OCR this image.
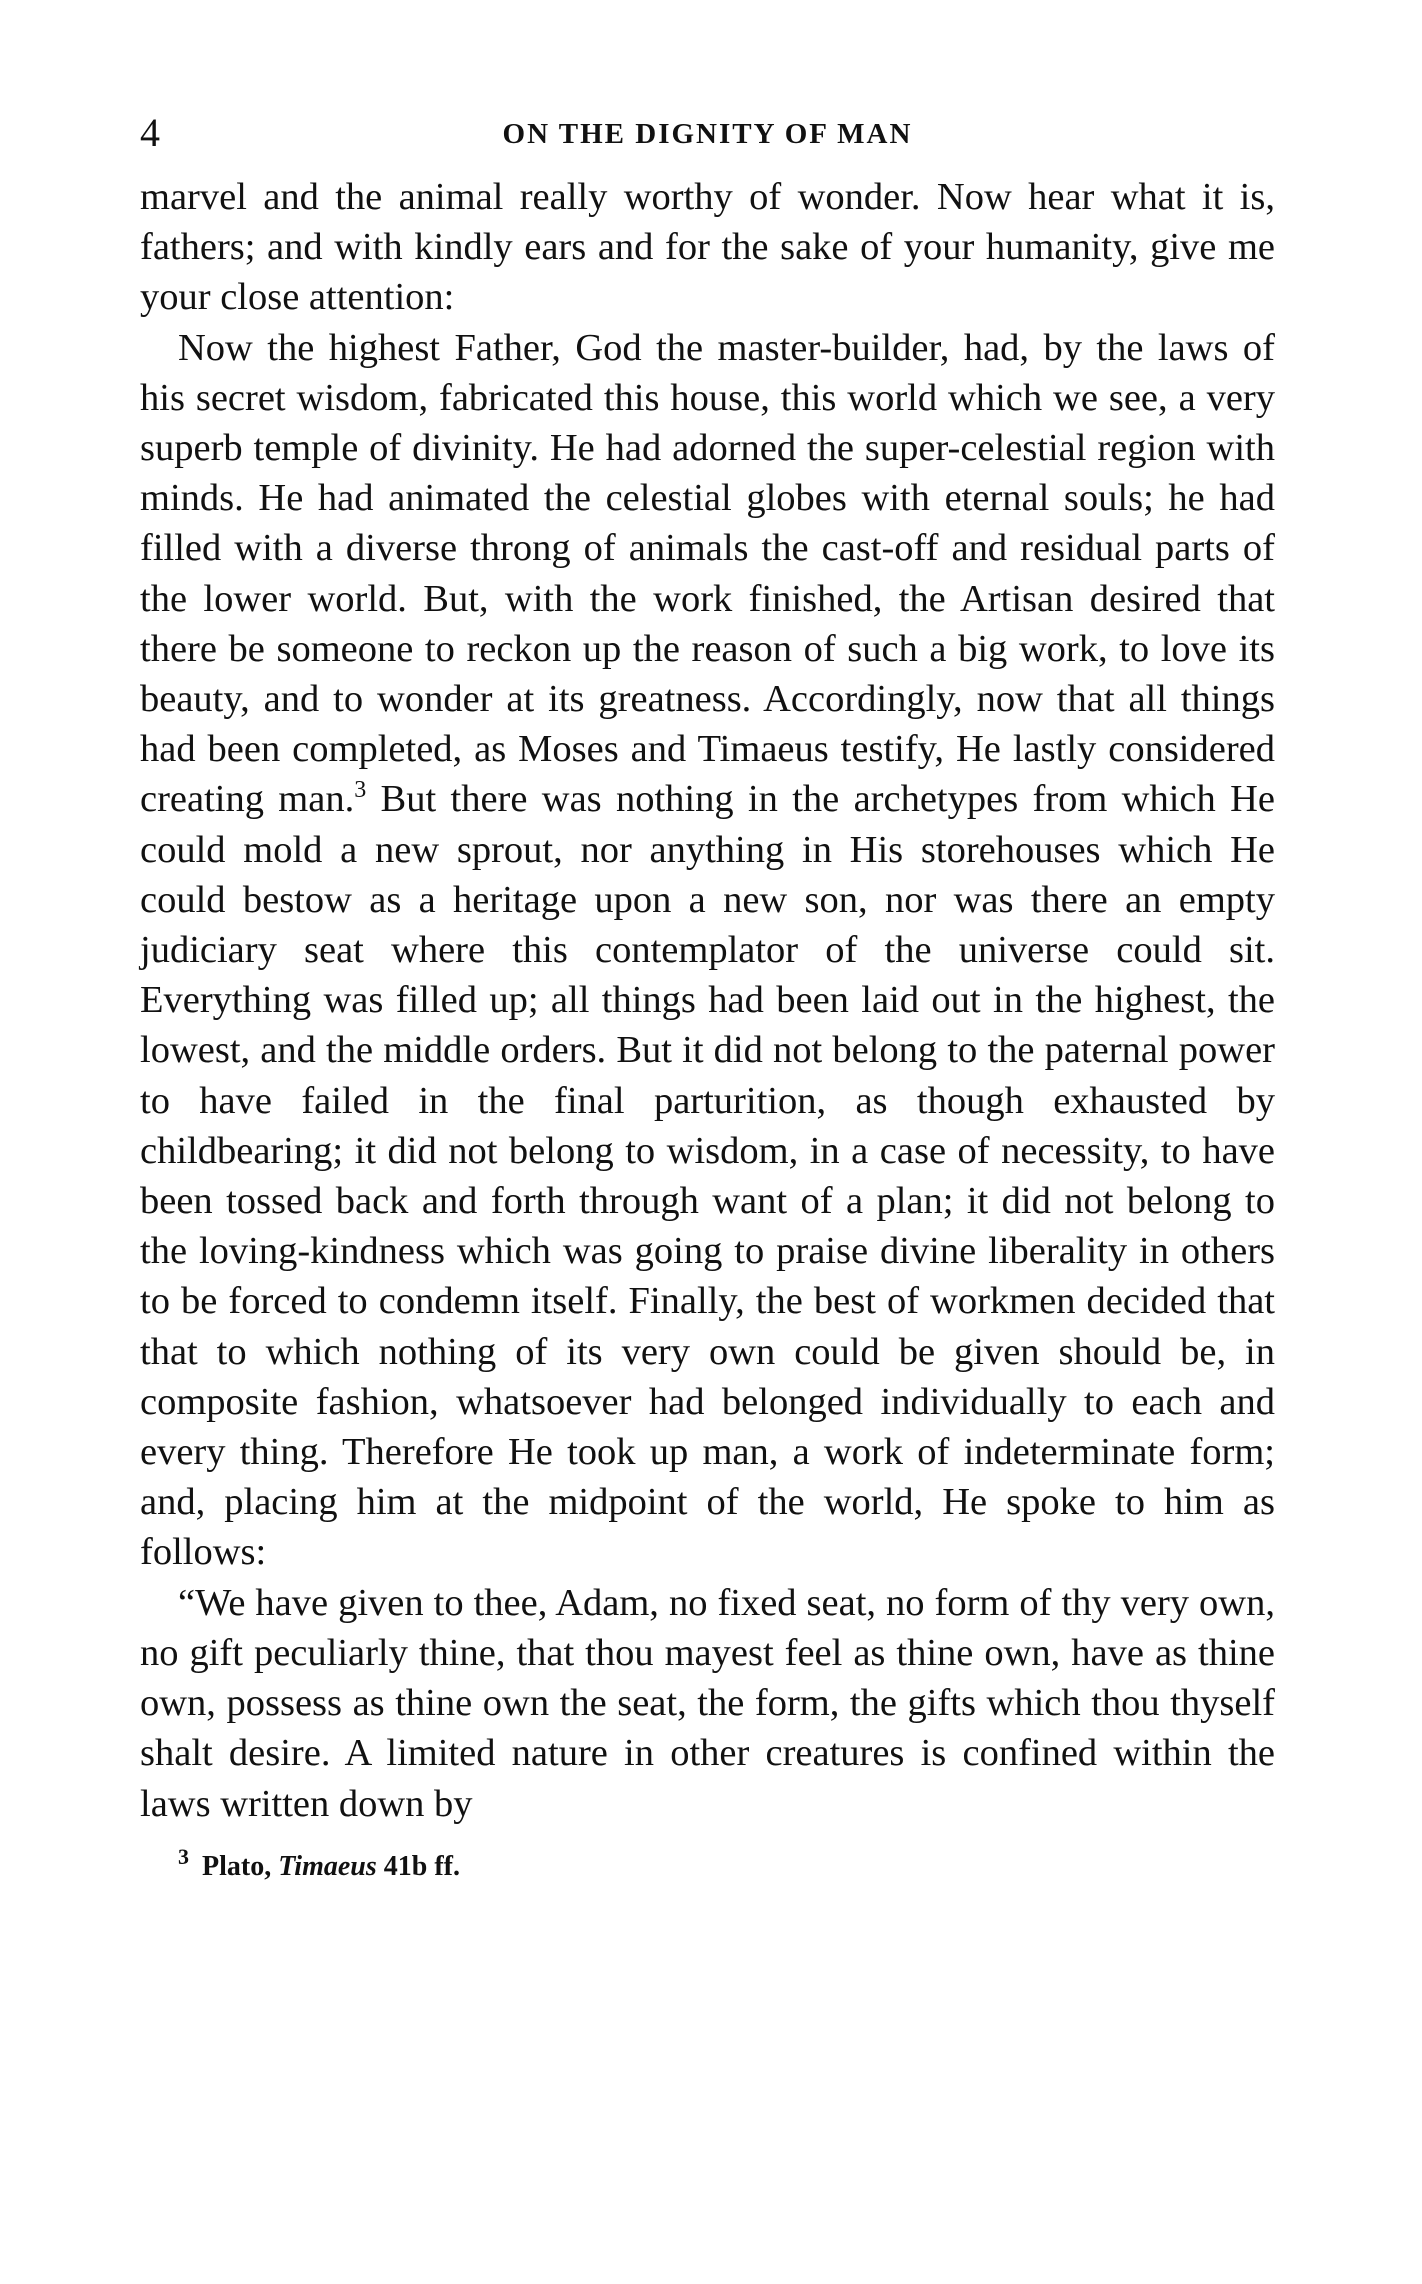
4	ON THE DIGNITY OF MAN

marvel and the animal really worthy of wonder. Now hear what it is, fathers; and with kindly ears and for the sake of your humanity, give me your close attention:

Now the highest Father, God the master-builder, had, by the laws of his secret wisdom, fabricated this house, this world which we see, a very superb temple of divinity. He had adorned the super-celestial region with minds. He had animated the celestial globes with eternal souls; he had filled with a diverse throng of animals the cast-off and residual parts of the lower world. But, with the work finished, the Artisan desired that there be someone to reckon up the reason of such a big work, to love its beauty, and to wonder at its greatness. Accordingly, now that all things had been completed, as Moses and Timaeus testify, He lastly considered creating man.$^3$ But there was nothing in the archetypes from which He could mold a new sprout, nor anything in His storehouses which He could bestow as a heritage upon a new son, nor was there an empty judiciary seat where this contemplator of the universe could sit. Everything was filled up; all things had been laid out in the highest, the lowest, and the middle orders. But it did not belong to the paternal power to have failed in the final parturition, as though exhausted by childbearing; it did not belong to wisdom, in a case of necessity, to have been tossed back and forth through want of a plan; it did not belong to the loving-kindness which was going to praise divine liberality in others to be forced to condemn itself. Finally, the best of workmen decided that that to which nothing of its very own could be given should be, in composite fashion, whatsoever had belonged individually to each and every thing. Therefore He took up man, a work of indeterminate form; and, placing him at the midpoint of the world, He spoke to him as follows:

“We have given to thee, Adam, no fixed seat, no form of thy very own, no gift peculiarly thine, that thou mayest feel as thine own, have as thine own, possess as thine own the seat, the form, the gifts which thou thyself shalt desire. A limited nature in other creatures is confined within the laws written down by

$^3$ Plato, Timaeus 41b ff.
